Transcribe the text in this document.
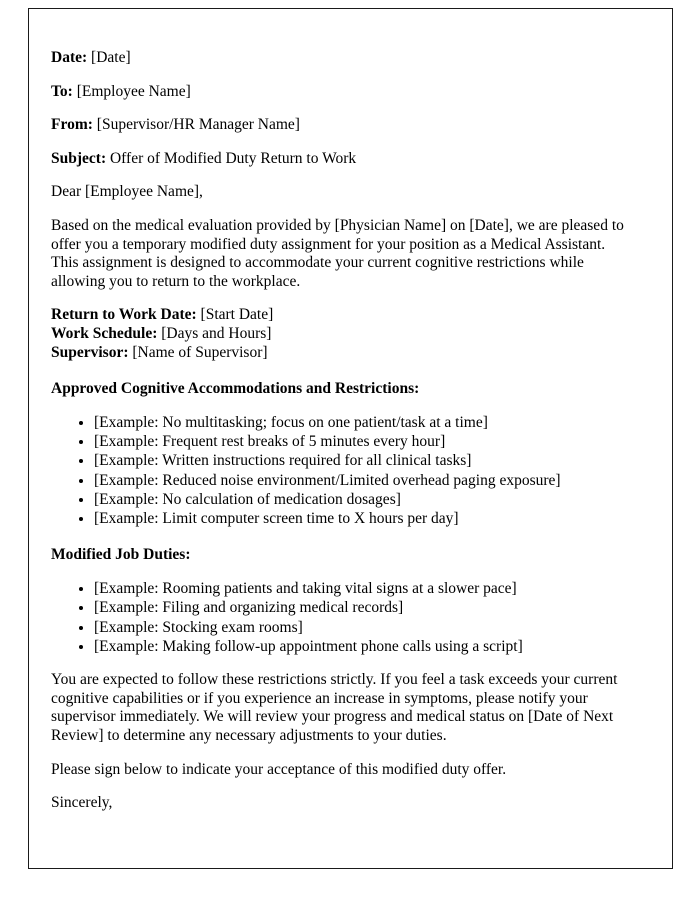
Date: [Date]

To: [Employee Name]

From: [Supervisor/HR Manager Name]

Subject: Offer of Modified Duty Return to Work

Dear [Employee Name],

Based on the medical evaluation provided by [Physician Name] on [Date], we are pleased to offer you a temporary modified duty assignment for your position as a Medical Assistant. This assignment is designed to accommodate your current cognitive restrictions while allowing you to return to the workplace.

Return to Work Date: [Start Date]
Work Schedule: [Days and Hours]
Supervisor: [Name of Supervisor]

Approved Cognitive Accommodations and Restrictions:

• [Example: No multitasking; focus on one patient/task at a time]
• [Example: Frequent rest breaks of 5 minutes every hour]
• [Example: Written instructions required for all clinical tasks]
• [Example: Reduced noise environment/Limited overhead paging exposure]
• [Example: No calculation of medication dosages]
• [Example: Limit computer screen time to X hours per day]

Modified Job Duties:

• [Example: Rooming patients and taking vital signs at a slower pace]
• [Example: Filing and organizing medical records]
• [Example: Stocking exam rooms]
• [Example: Making follow-up appointment phone calls using a script]

You are expected to follow these restrictions strictly. If you feel a task exceeds your current cognitive capabilities or if you experience an increase in symptoms, please notify your supervisor immediately. We will review your progress and medical status on [Date of Next Review] to determine any necessary adjustments to your duties.

Please sign below to indicate your acceptance of this modified duty offer.

Sincerely,
